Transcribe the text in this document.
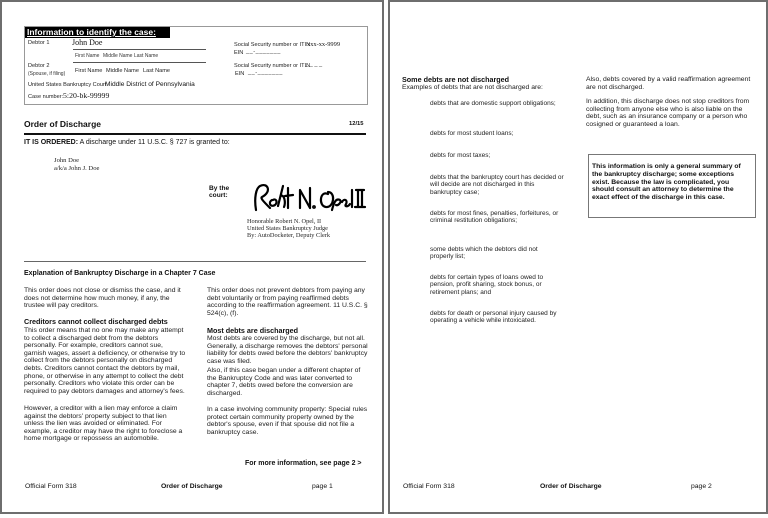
Information to identify the case:
Debtor 1	John Doe
First Name Middle Name Last Name
Debtor 2
(Spouse, if filing) First Name Middle Name Last Name
United States Bankruptcy Court
Middle District of Pennsylvania
Case number: 5:20-bk-99999
Social Security number or ITIN
xxx-xx-9999
EIN __-_______
Social Security number or ITIN
_ _ _ _
EIN __-_______
Order of Discharge	12/15
IT IS ORDERED: A discharge under 11 U.S.C. § 727 is granted to:
John Doe
a/k/a John J. Doe
By the court:
Honorable Robert N. Opel, II
United States Bankruptcy Judge
By: AutoDocketer, Deputy Clerk
Explanation of Bankruptcy Discharge in a Chapter 7 Case
This order does not close or dismiss the case, and it does not determine how much money, if any, the trustee will pay creditors.
Creditors cannot collect discharged debts
This order means that no one may make any attempt to collect a discharged debt from the debtors personally. For example, creditors cannot sue, garnish wages, assert a deficiency, or otherwise try to collect from the debtors personally on discharged debts. Creditors cannot contact the debtors by mail, phone, or otherwise in any attempt to collect the debt personally. Creditors who violate this order can be required to pay debtors damages and attorney's fees.
However, a creditor with a lien may enforce a claim against the debtors' property subject to that lien unless the lien was avoided or eliminated. For example, a creditor may have the right to foreclose a home mortgage or repossess an automobile.
This order does not prevent debtors from paying any debt voluntarily or from paying reaffirmed debts according to the reaffirmation agreement. 11 U.S.C. § 524(c), (f).
Most debts are discharged
Most debts are covered by the discharge, but not all. Generally, a discharge removes the debtors' personal liability for debts owed before the debtors' bankruptcy case was filed.
Also, if this case began under a different chapter of the Bankruptcy Code and was later converted to chapter 7, debts owed before the conversion are discharged.
In a case involving community property: Special rules protect certain community property owned by the debtor's spouse, even if that spouse did not file a bankruptcy case.
For more information, see page 2 >
Official Form 318	Order of Discharge	page 1
Some debts are not discharged
Examples of debts that are not discharged are:
debts that are domestic support obligations;
debts for most student loans;
debts for most taxes;
debts that the bankruptcy court has decided or will decide are not discharged in this bankruptcy case;
debts for most fines, penalties, forfeitures, or criminal restitution obligations;
some debts which the debtors did not properly list;
debts for certain types of loans owed to pension, profit sharing, stock bonus, or retirement plans; and
debts for death or personal injury caused by operating a vehicle while intoxicated.
Also, debts covered by a valid reaffirmation agreement are not discharged.
In addition, this discharge does not stop creditors from collecting from anyone else who is also liable on the debt, such as an insurance company or a person who cosigned or guaranteed a loan.
This information is only a general summary of the bankruptcy discharge; some exceptions exist. Because the law is complicated, you should consult an attorney to determine the exact effect of the discharge in this case.
Official Form 318	Order of Discharge	page 2
